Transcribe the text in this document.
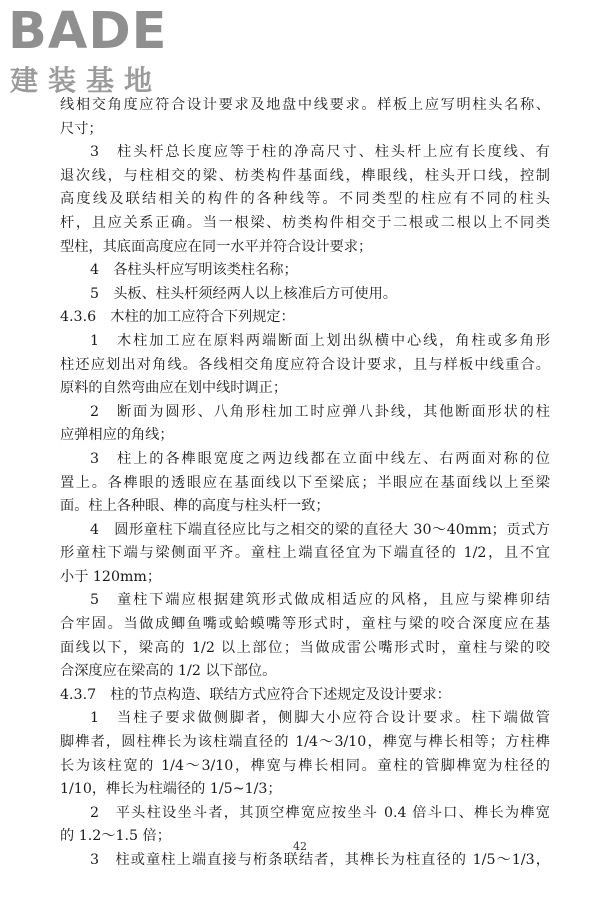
BADE
建装基地
线相交角度应符合设计要求及地盘中线要求。样板上应写明柱头名称、
尺寸；
3　柱头杆总长度应等于柱的净高尺寸、柱头杆上应有长度线、有
退次线，与柱相交的梁、枋类构件基面线，榫眼线，柱头开口线，控制
高度线及联结相关的构件的各种线等。不同类型的柱应有不同的柱头
杆，且应关系正确。当一根梁、枋类构件相交于二根或二根以上不同类
型柱，其底面高度应在同一水平并符合设计要求；
4　各柱头杆应写明该类柱名称；
5　头板、柱头杆须经两人以上核准后方可使用。
4.3.6　木柱的加工应符合下列规定：
1　木柱加工应在原料两端断面上划出纵横中心线，角柱或多角形
柱还应划出对角线。各线相交角度应符合设计要求，且与样板中线重合。
原料的自然弯曲应在划中线时调正；
2　断面为圆形、八角形柱加工时应弹八卦线，其他断面形状的柱
应弹相应的角线；
3　柱上的各榫眼宽度之两边线都在立面中线左、右两面对称的位
置上。各榫眼的透眼应在基面线以下至梁底；半眼应在基面线以上至梁
面。柱上各种眼、榫的高度与柱头杆一致；
4　圆形童柱下端直径应比与之相交的梁的直径大 30～40mm；贡式方
形童柱下端与梁侧面平齐。童柱上端直径宜为下端直径的 1/2，且不宜
小于 120mm；
5　童柱下端应根据建筑形式做成相适应的风格，且应与梁榫卯结
合牢固。当做成鲫鱼嘴或蛤蟆嘴等形式时，童柱与梁的咬合深度应在基
面线以下，梁高的 1/2 以上部位；当做成雷公嘴形式时，童柱与梁的咬
合深度应在梁高的 1/2 以下部位。
4.3.7　柱的节点构造、联结方式应符合下述规定及设计要求：
1　当柱子要求做侧脚者，侧脚大小应符合设计要求。柱下端做管
脚榫者，圆柱榫长为该柱端直径的 1/4～3/10，榫宽与榫长相等；方柱榫
长为该柱宽的 1/4～3/10，榫宽与榫长相同。童柱的管脚榫宽为柱径的
1/10，榫长为柱端径的 1/5~1/3；
2　平头柱设坐斗者，其顶空榫宽应按坐斗 0.4 倍斗口、榫长为榫宽
的 1.2～1.5 倍；
3　柱或童柱上端直接与桁条联结者，其榫长为柱直径的 1/5～1/3，
42
